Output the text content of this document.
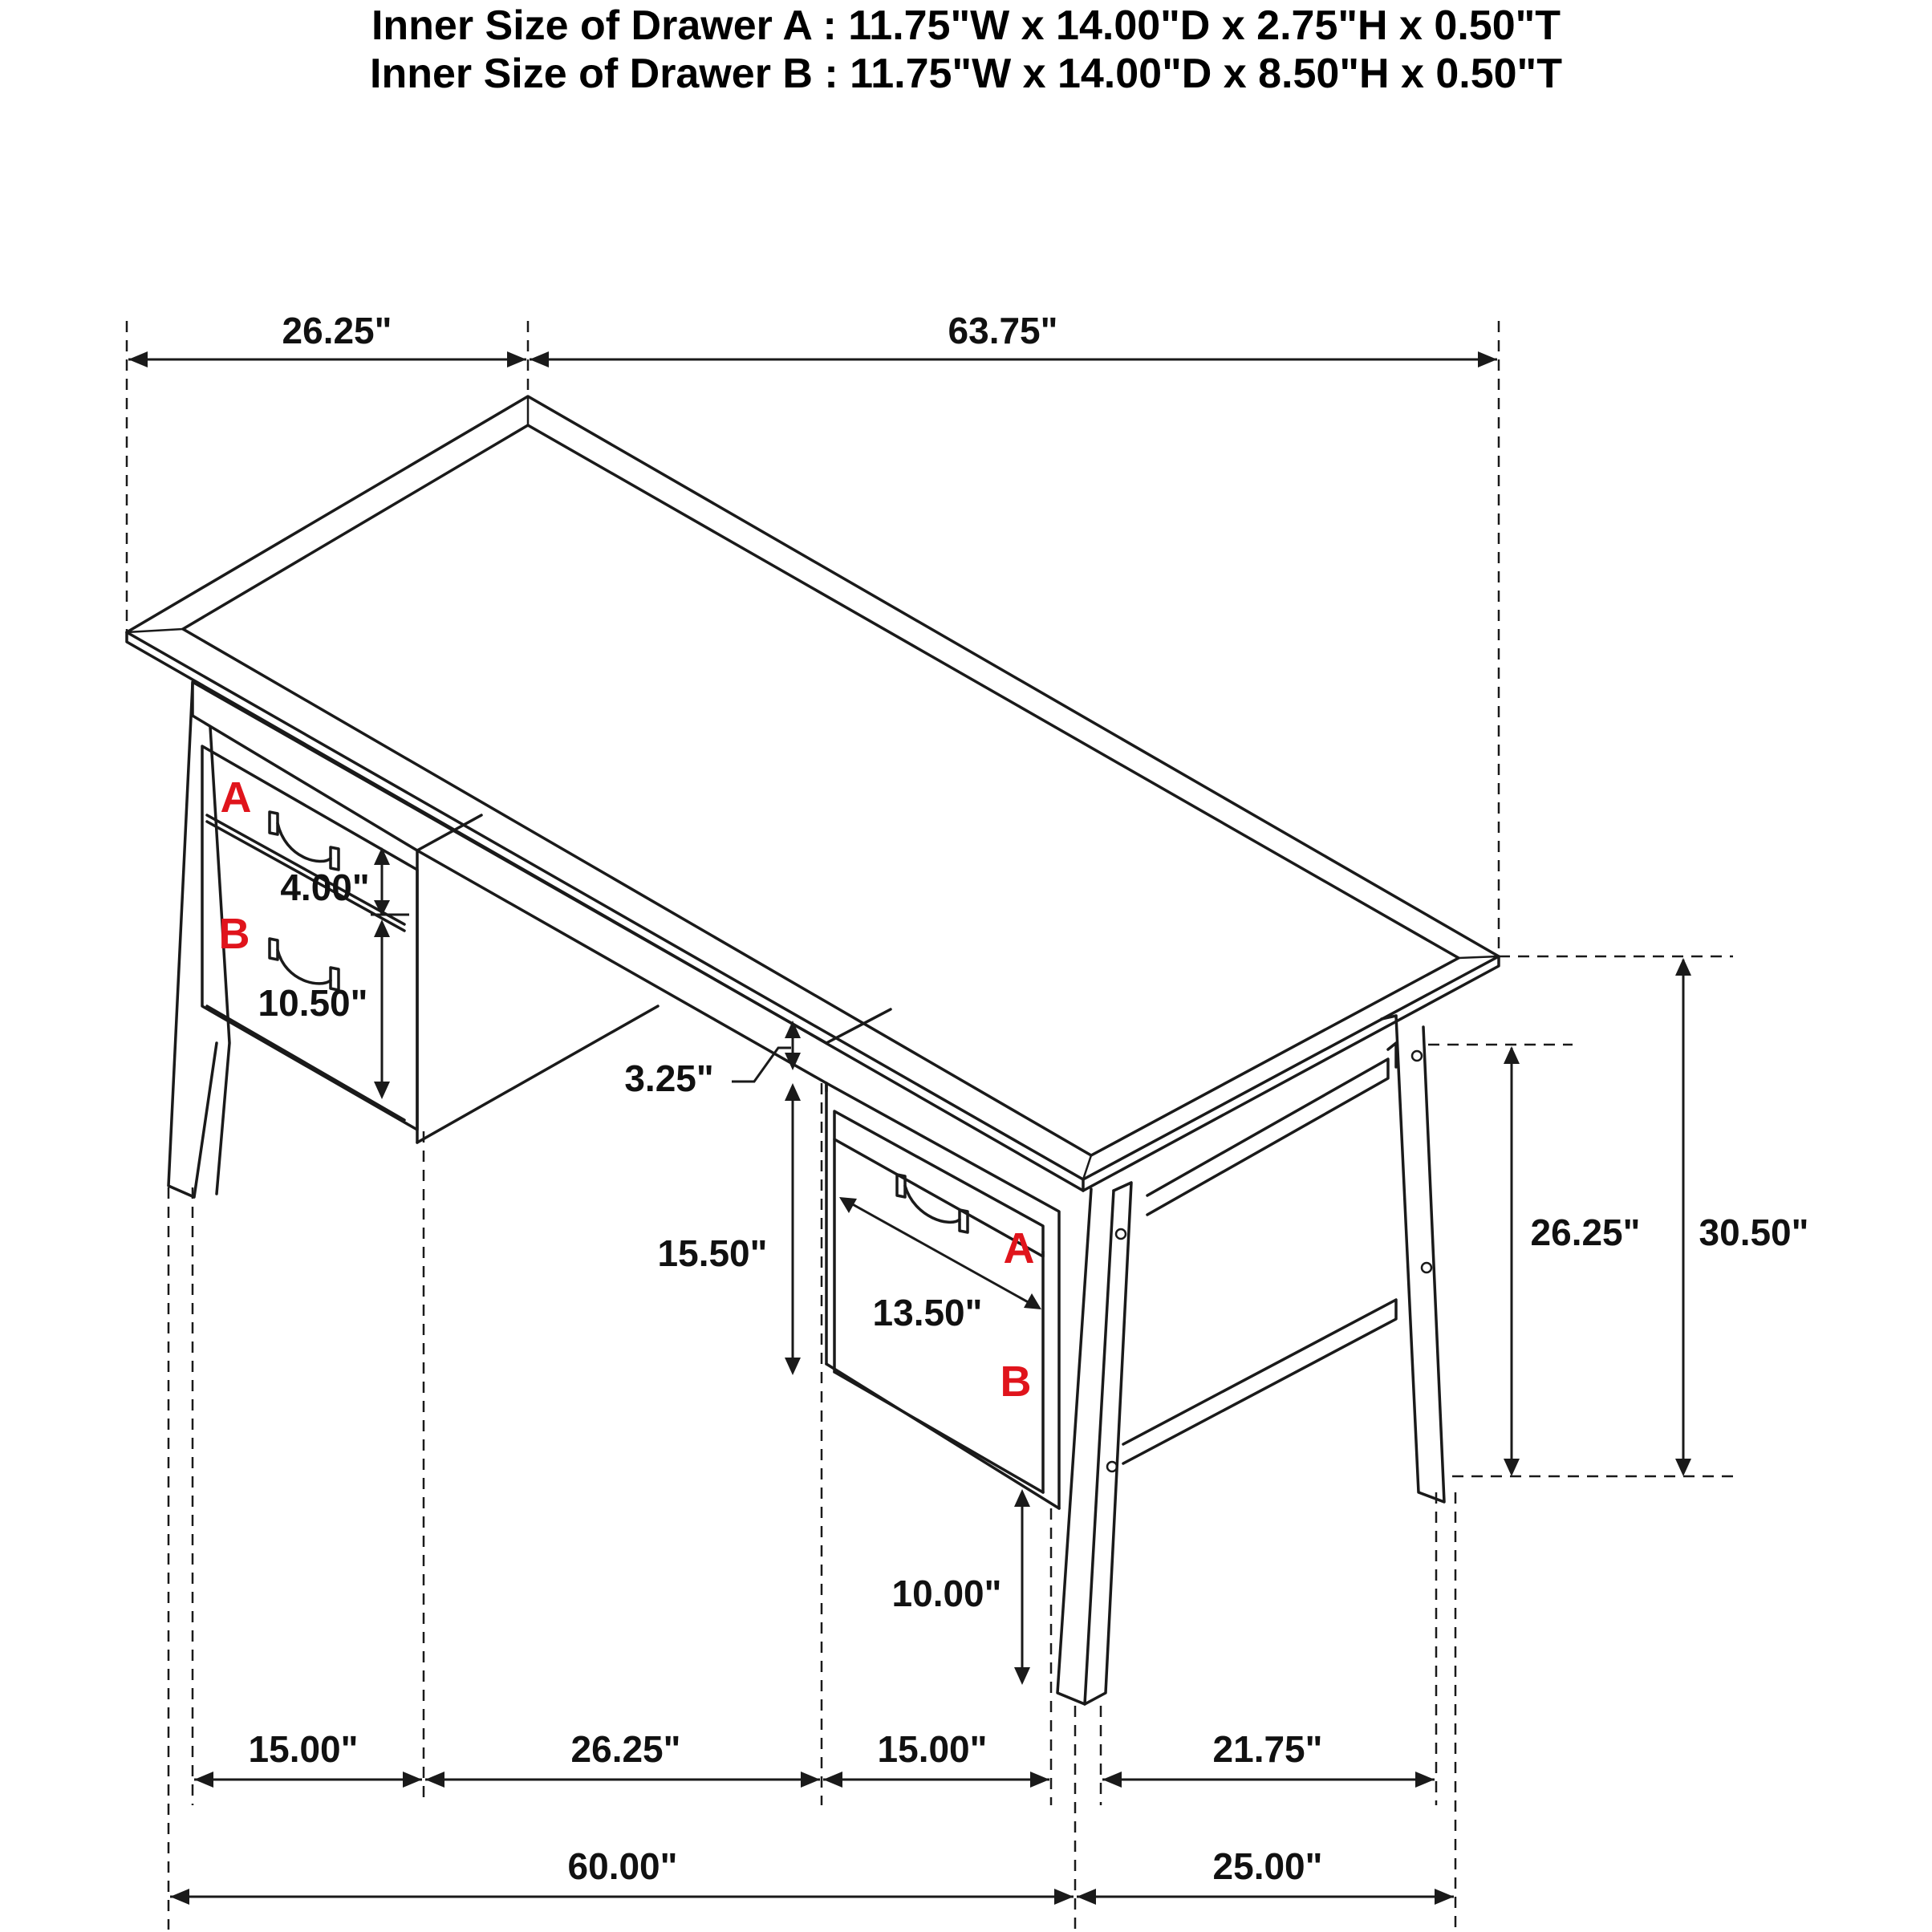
Inner Size of Drawer A : 11.75"W x 14.00"D x 2.75"H x 0.50"T
Inner Size of Drawer B : 11.75"W x 14.00"D x 8.50"H x 0.50"T
26.25"	63.75"
4.00"
10.50"
3.25"
15.50"
13.50"
10.00"
26.25" 30.50"
15.00"	26.25"	15.00"	21.75"
60.00"	25.00"
A
B
A
B
